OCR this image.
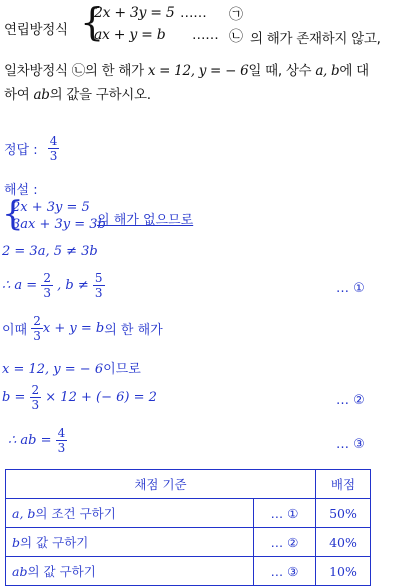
연립방정식 {
2x + 3y = 5 …… ㉠
ax + y = b …… ㉡ 의 해가 존재하지 않고,
일차방정식 ㉡의 한 해가 x = 12, y = − 6일 때, 상수 a, b에 대
하여 ab의 값을 구하시오.
정답 : $\frac{4}{3}$
해설 :
{
2x + 3y = 5
3ax + 3y = 3b
의 해가 없으므로
2 = 3a, 5 ≠ 3b
∴ $a = \frac{2}{3}$ , $b \ne \frac{5}{3}$	… ①
이때 $\frac{2}{3}$ x + y = b의 한 해가
x = 12, y = − 6이므로
$b = \frac{2}{3} \times 12$ + (− 6) = 2	… ②
∴ ab = $\frac{4}{3}$	… ③
채점 기준		배점
a, b의 조건 구하기	… ①	50%
b의 값 구하기	… ②	40%
ab의 값 구하기	… ③	10%
